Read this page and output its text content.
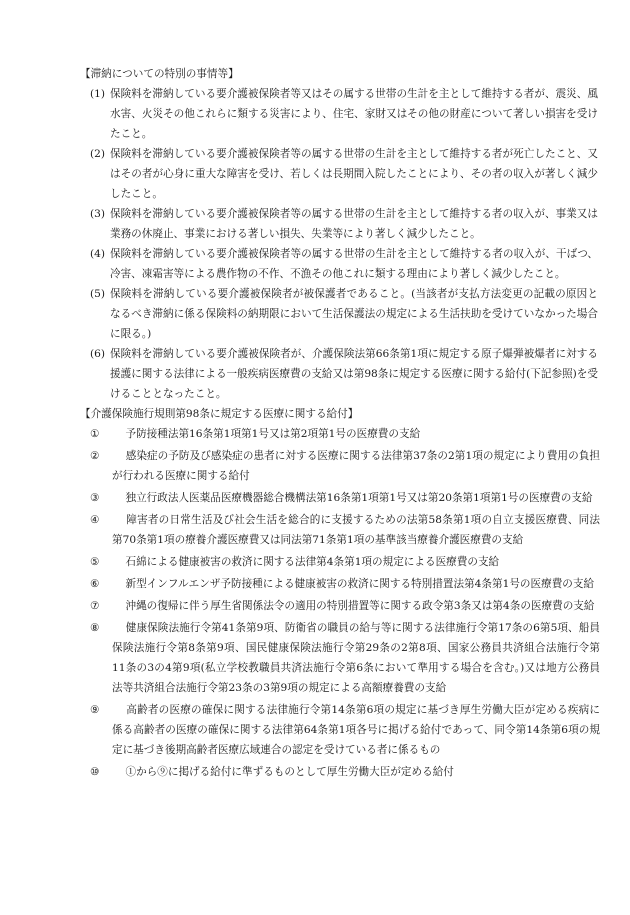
【滞納についての特別の事情等】
(1) 保険料を滞納している要介護被保険者等又はその属する世帯の生計を主として維持する者が、震災、風水害、火災その他これらに類する災害により、住宅、家財又はその他の財産について著しい損害を受けたこと。
(2) 保険料を滞納している要介護被保険者等の属する世帯の生計を主として維持する者が死亡したこと、又はその者が心身に重大な障害を受け、若しくは長期間入院したことにより、その者の収入が著しく減少したこと。
(3) 保険料を滞納している要介護被保険者等の属する世帯の生計を主として維持する者の収入が、事業又は業務の休廃止、事業における著しい損失、失業等により著しく減少したこと。
(4) 保険料を滞納している要介護被保険者等の属する世帯の生計を主として維持する者の収入が、干ばつ、冷害、凍霜害等による農作物の不作、不漁その他これに類する理由により著しく減少したこと。
(5) 保険料を滞納している要介護被保険者が被保護者であること。(当該者が支払方法変更の記載の原因となるべき滞納に係る保険料の納期限において生活保護法の規定による生活扶助を受けていなかった場合に限る。)
(6) 保険料を滞納している要介護被保険者が、介護保険法第66条第1項に規定する原子爆弾被爆者に対する援護に関する法律による一般疾病医療費の支給又は第98条に規定する医療に関する給付(下記参照)を受けることとなったこと。
【介護保険施行規則第98条に規定する医療に関する給付】
① 予防接種法第16条第1項第1号又は第2項第1号の医療費の支給
② 感染症の予防及び感染症の患者に対する医療に関する法律第37条の2第1項の規定により費用の負担が行われる医療に関する給付
③ 独立行政法人医薬品医療機器総合機構法第16条第1項第1号又は第20条第1項第1号の医療費の支給
④	障害者の日常生活及び社会生活を総合的に支援するための法第58条第1項の自立支援医療費、同法第70条第1項の療養介護医療費又は同法第71条第1項の基準該当療養介護医療費の支給
⑤ 石綿による健康被害の救済に関する法律第4条第1項の規定による医療費の支給
⑥ 新型インフルエンザ予防接種による健康被害の救済に関する特別措置法第4条第1号の医療費の支給
⑦ 沖縄の復帰に伴う厚生省関係法令の適用の特別措置等に関する政令第3条又は第4条の医療費の支給
⑧ 健康保険法施行令第41条第9項、防衛省の職員の給与等に関する法律施行令第17条の6第5項、船員保険法施行令第8条第9項、国民健康保険法施行令第29条の2第8項、国家公務員共済組合法施行令第11条の3の4第9項(私立学校教職員共済法施行令第6条において準用する場合を含む。)又は地方公務員法等共済組合法施行令第23条の3第9項の規定による高額療養費の支給
⑨	高齢者の医療の確保に関する法律施行令第14条第6項の規定に基づき厚生労働大臣が定める疾病に係る高齢者の医療の確保に関する法律第64条第1項各号に掲げる給付であって、同令第14条第6項の規定に基づき後期高齢者医療広域連合の認定を受けている者に係るもの
⑩ ①から⑨に掲げる給付に準ずるものとして厚生労働大臣が定める給付
